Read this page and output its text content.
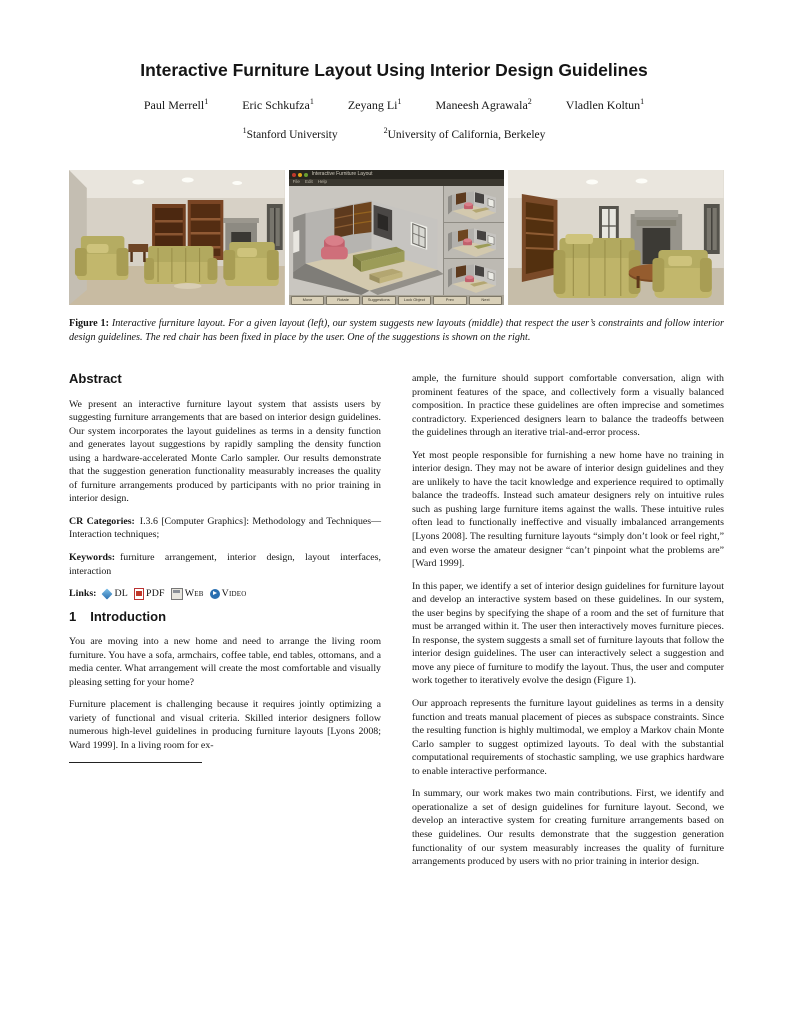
Interactive Furniture Layout Using Interior Design Guidelines
Paul Merrell$^1$	Eric Schkufza$^1$	Zeyang Li$^1$	Maneesh Agrawala$^2$	Vladlen Koltun$^1$
$^1$Stanford University	$^2$University of California, Berkeley
Interactive Furniture Layout
File Edit Help
Move	Rotate	Suggestions	Lock Object	Prev	Next
Figure 1: Interactive furniture layout. For a given layout (left), our system suggests new layouts (middle) that respect the user’s constraints and follow interior design guidelines. The red chair has been fixed in place by the user. One of the suggestions is shown on the right.
Abstract

We present an interactive furniture layout system that assists users by suggesting furniture arrangements that are based on interior design guidelines. Our system incorporates the layout guidelines as terms in a density function and generates layout suggestions by rapidly sampling the density function using a hardware-accelerated Monte Carlo sampler. Our results demonstrate that the suggestion generation functionality measurably increases the quality of furniture arrangements produced by participants with no prior training in interior design.

CR Categories:  I.3.6 [Computer Graphics]: Methodology and Techniques—Interaction techniques;

Keywords:  furniture arrangement, interior design, layout interfaces, interaction

Links: DL PDF Web Video
1 Introduction

You are moving into a new home and need to arrange the living room furniture. You have a sofa, armchairs, coffee table, end tables, ottomans, and a media center. What arrangement will create the most comfortable and visually pleasing setting for your home?

Furniture placement is challenging because it requires jointly optimizing a variety of functional and visual criteria. Skilled interior designers follow numerous high-level guidelines in producing furniture layouts [Lyons 2008; Ward 1999]. In a living room for ex-

ample, the furniture should support comfortable conversation, align with prominent features of the space, and collectively form a visually balanced composition. In practice these guidelines are often imprecise and sometimes contradictory. Experienced designers learn to balance the tradeoffs between the guidelines through an iterative trial-and-error process.

Yet most people responsible for furnishing a new home have no training in interior design. They may not be aware of interior design guidelines and they are unlikely to have the tacit knowledge and experience required to optimally balance the tradeoffs. Instead such amateur designers rely on intuitive rules such as pushing large furniture items against the walls. These intuitive rules often lead to functionally ineffective and visually imbalanced arrangements [Lyons 2008]. The resulting furniture layouts “simply don’t look or feel right,” and even worse the amateur designer “can’t pinpoint what the problems are” [Ward 1999].

In this paper, we identify a set of interior design guidelines for furniture layout and develop an interactive system based on these guidelines. In our system, the user begins by specifying the shape of a room and the set of furniture that must be arranged within it. The user then interactively moves furniture pieces. In response, the system suggests a small set of furniture layouts that follow the interior design guidelines. The user can interactively select a suggestion and move any piece of furniture to modify the layout. Thus, the user and computer work together to iteratively evolve the design (Figure 1).

Our approach represents the furniture layout guidelines as terms in a density function and treats manual placement of pieces as subspace constraints. Since the resulting function is highly multimodal, we employ a Markov chain Monte Carlo sampler to suggest optimized layouts. To deal with the substantial computational requirements of stochastic sampling, we use graphics hardware to enable interactive performance.

In summary, our work makes two main contributions. First, we identify and operationalize a set of design guidelines for furniture layout. Second, we develop an interactive system for creating furniture arrangements based on these guidelines. Our results demonstrate that the suggestion generation functionality of our system measurably increases the quality of furniture arrangements produced by users with no prior training in interior design.
